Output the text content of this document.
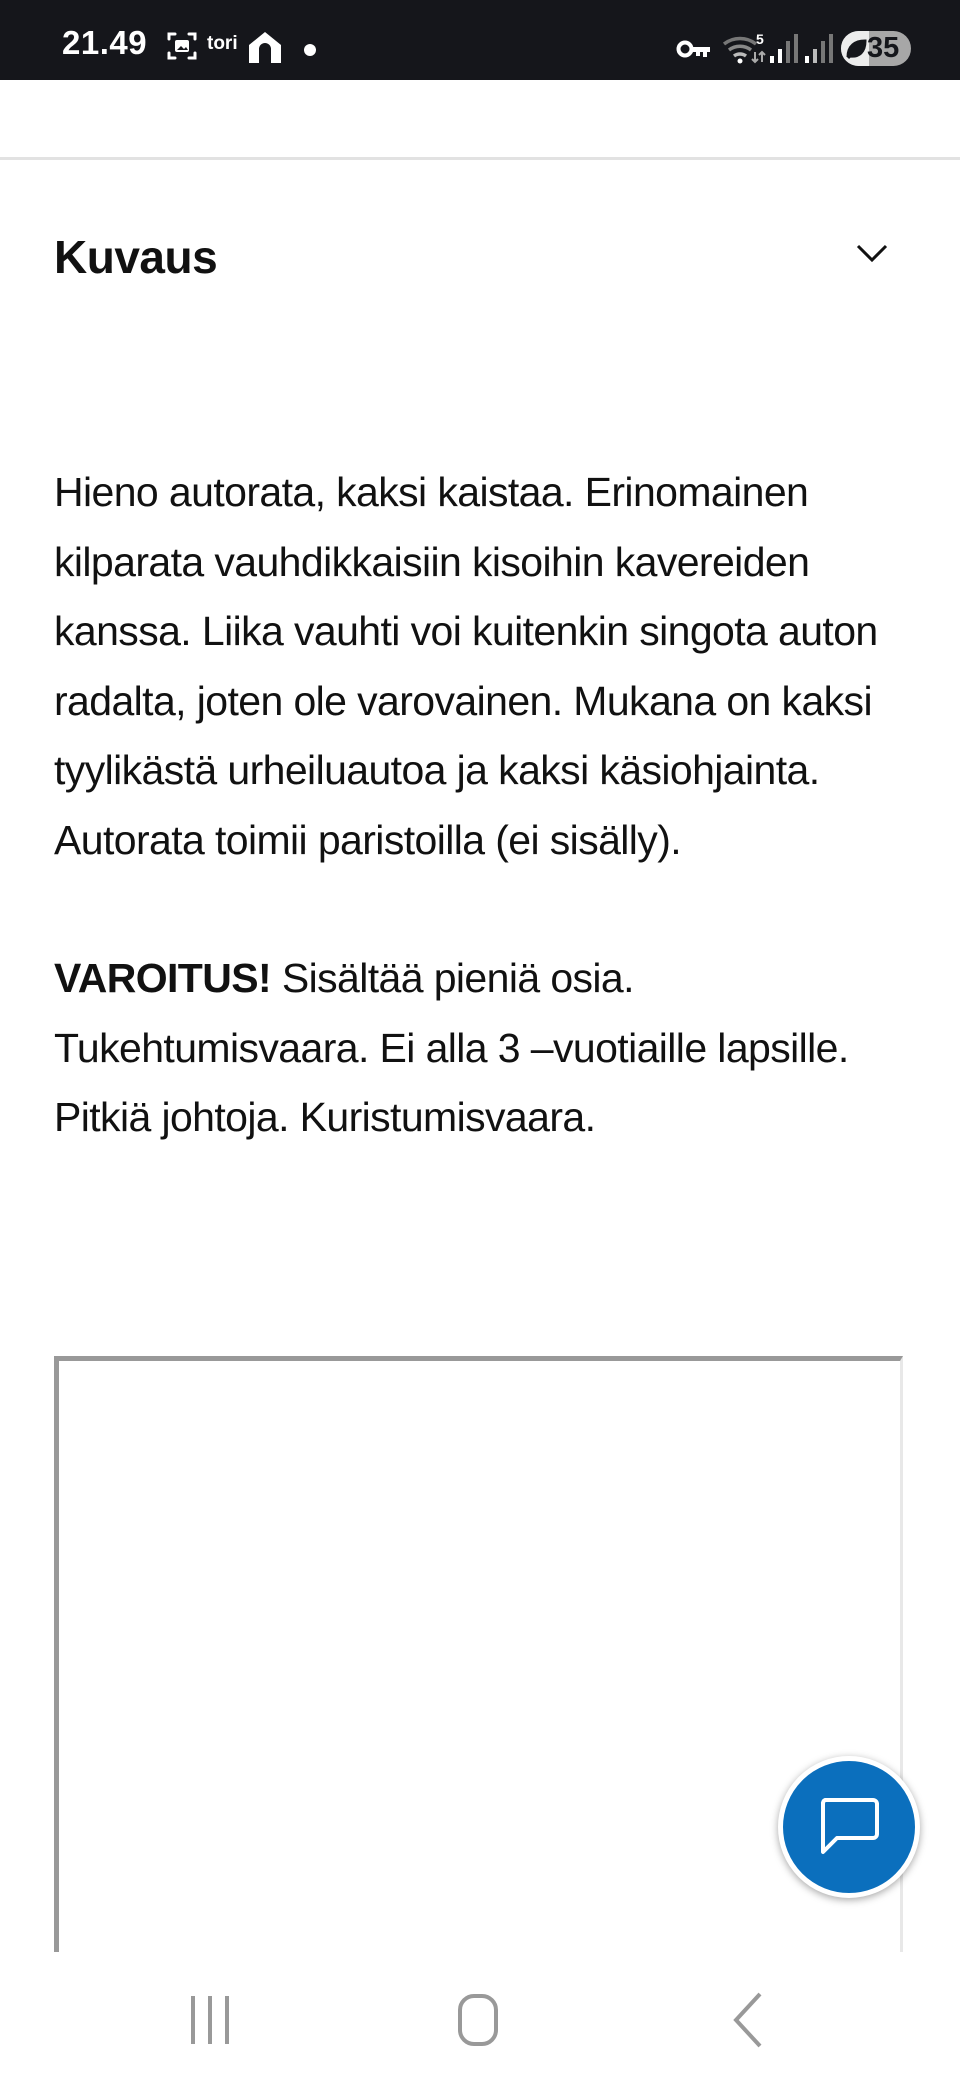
21.49	tori	5	35
Kuvaus

Hieno autorata, kaksi kaistaa. Erinomainen kilparata vauhdikkaisiin kisoihin kavereiden kanssa. Liika vauhti voi kuitenkin singota auton radalta, joten ole varovainen. Mukana on kaksi tyylikästä urheiluautoa ja kaksi käsiohjainta. Autorata toimii paristoilla (ei sisälly).

VAROITUS! Sisältää pieniä osia. Tukehtumisvaara. Ei alla 3 –vuotiaille lapsille. Pitkiä johtoja. Kuristumisvaara.
